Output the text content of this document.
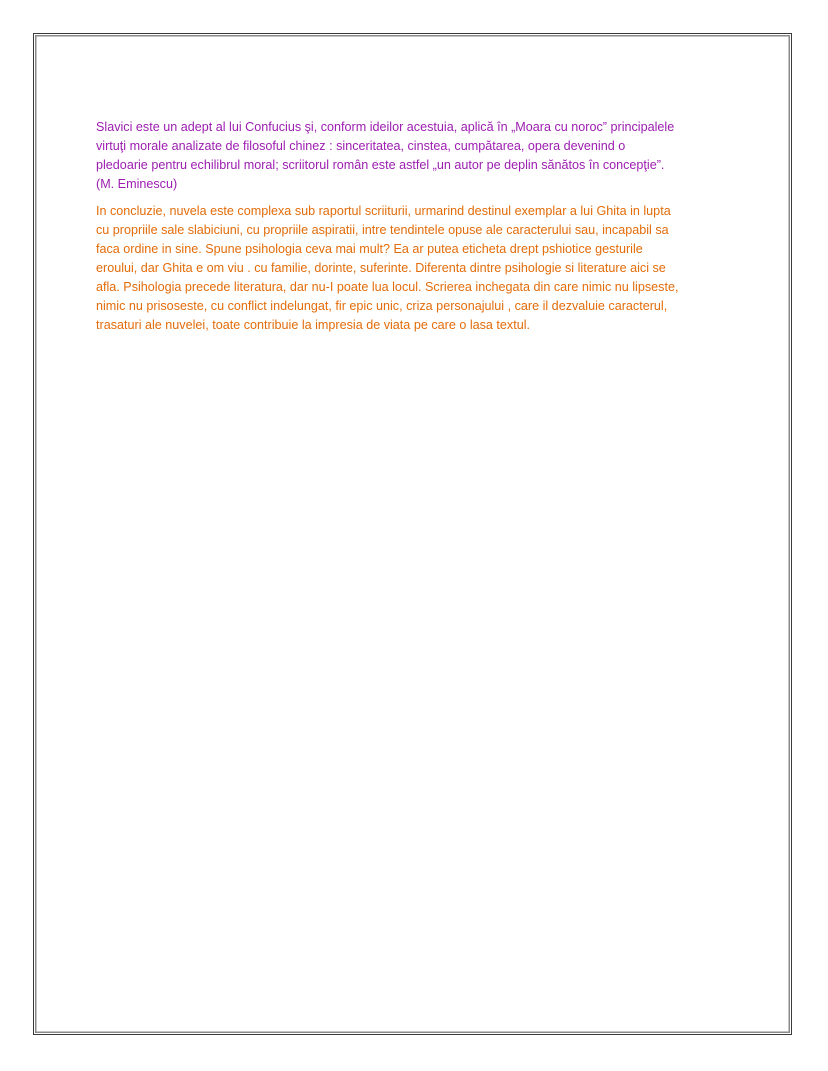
Slavici este un adept al lui Confucius şi, conform ideilor acestuia, aplică în „Moara cu noroc” principalele
virtuţi morale analizate de filosoful chinez : sinceritatea, cinstea, cumpătarea, opera devenind o
pledoarie pentru echilibrul moral; scriitorul român este astfel „un autor pe deplin sănătos în concepţie”.
(M. Eminescu)

In concluzie, nuvela este complexa sub raportul scriiturii, urmarind destinul exemplar a lui Ghita in lupta
cu propriile sale slabiciuni, cu propriile aspiratii, intre tendintele opuse ale caracterului sau, incapabil sa
faca ordine in sine. Spune psihologia ceva mai mult? Ea ar putea eticheta drept pshiotice gesturile
eroului, dar Ghita e om viu . cu familie, dorinte, suferinte. Diferenta dintre psihologie si literature aici se
afla. Psihologia precede literatura, dar nu-I poate lua locul. Scrierea inchegata din care nimic nu lipseste,
nimic nu prisoseste, cu conflict indelungat, fir epic unic, criza personajului , care il dezvaluie caracterul,
trasaturi ale nuvelei, toate contribuie la impresia de viata pe care o lasa textul.
